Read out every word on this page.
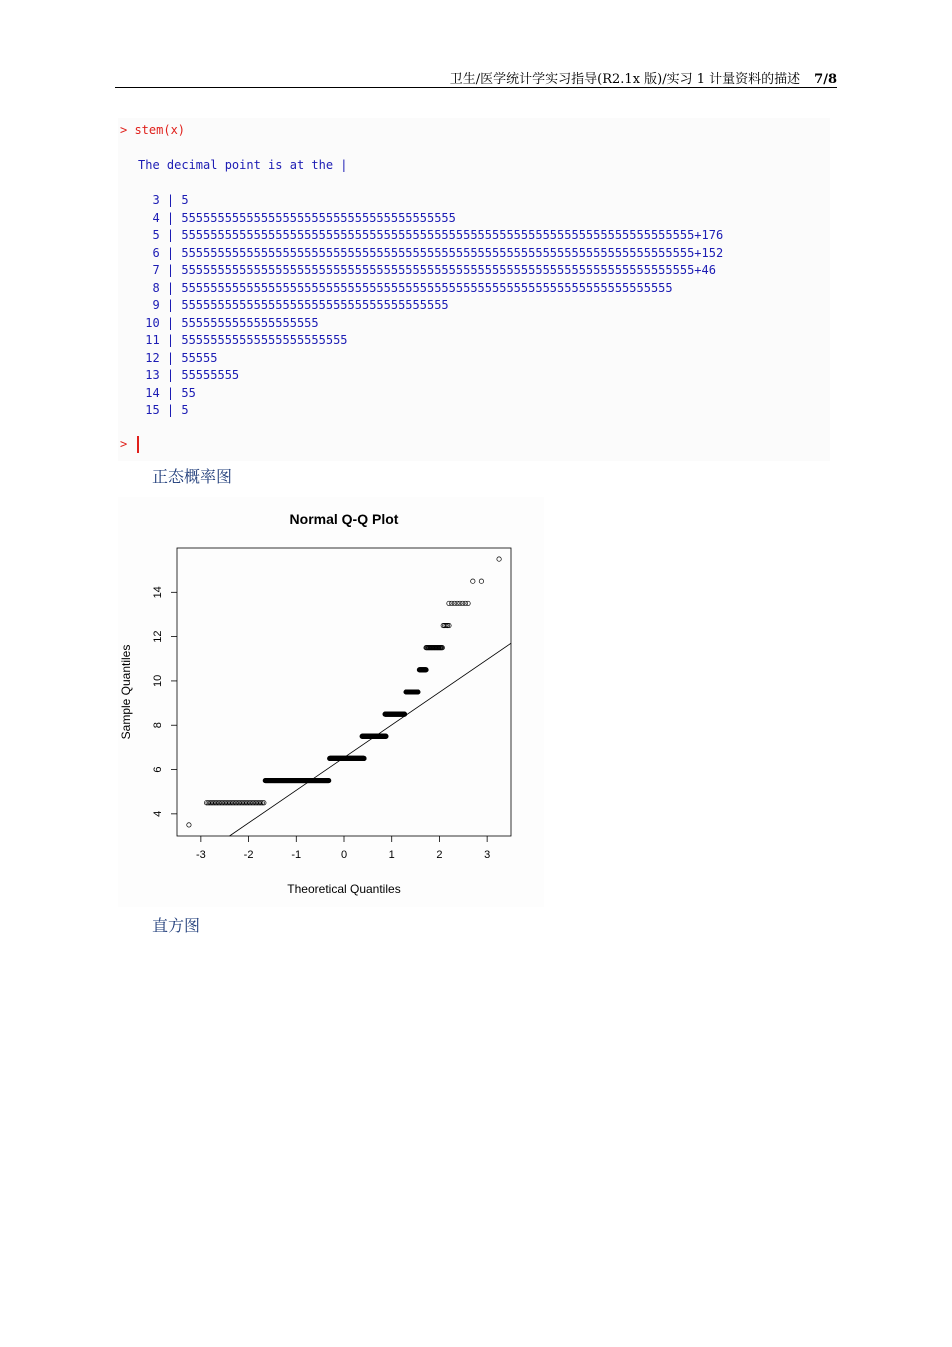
卫生/医学统计学实习指导(R2.1x 版)/实习 1 计量资料的描述 7/8
> stem(x)
The decimal point is at the |
3 | 5
4 | 55555555555555555555555555555555555555
5 | 55555555555555555555555555555555555555555555555555555555555555555555555+176
6 | 55555555555555555555555555555555555555555555555555555555555555555555555+152
7 | 55555555555555555555555555555555555555555555555555555555555555555555555+46
8 | 55555555555555555555555555555555555555555555555555555555555555555555
9 | 5555555555555555555555555555555555555
10 | 5555555555555555555
11 | 55555555555555555555555
12 | 55555
13 | 55555555
14 | 55
15 | 5
>
正态概率图
Normal Q-Q Plot
-3	-2	-1	0	1	2	3
4
6
8
10
12
14
Theoretical Quantiles
Sample Quantiles
直方图
